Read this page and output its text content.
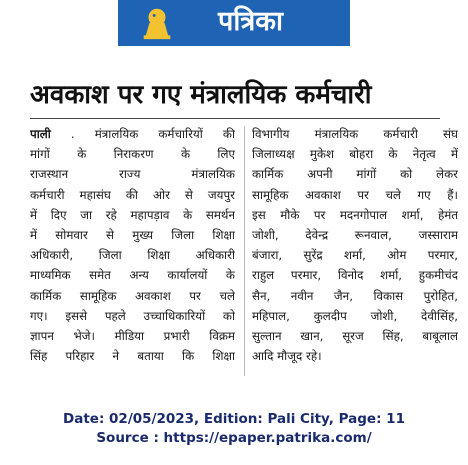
पत्रिका
अवकाश पर गए मंत्रालयिक कर्मचारी
पाली . मंत्रालयिक कर्मचारियों की
मांगों के निराकरण के लिए
राजस्थान राज्य मंत्रालयिक
कर्मचारी महासंघ की ओर से जयपुर
में दिए जा रहे महापड़ाव के समर्थन
में सोमवार से मुख्य जिला शिक्षा
अधिकारी, जिला शिक्षा अधिकारी
माध्यमिक समेत अन्य कार्यालयों के
कार्मिक सामूहिक अवकाश पर चले
गए। इससे पहले उच्चाधिकारियों को
ज्ञापन भेजे। मीडिया प्रभारी विक्रम
सिंह परिहार ने बताया कि शिक्षा
विभागीय मंत्रालयिक कर्मचारी संघ
जिलाध्यक्ष मुकेश बोहरा के नेतृत्व में
कार्मिक अपनी मांगों को लेकर
सामूहिक अवकाश पर चले गए हैं।
इस मौके पर मदनगोपाल शर्मा, हेमंत
जोशी, देवेन्द्र रूनवाल, जस्साराम
बंजारा, सुरेंद्र शर्मा, ओम परमार,
राहुल परमार, विनोद शर्मा, हुकमीचंद
सैन, नवीन जैन, विकास पुरोहित,
महिपाल, कुलदीप जोशी, देवीसिंह,
सुल्तान खान, सूरज सिंह, बाबूलाल
आदि मौजूद रहे।
Date: 02/05/2023, Edition: Pali City, Page: 11
Source : https://epaper.patrika.com/
